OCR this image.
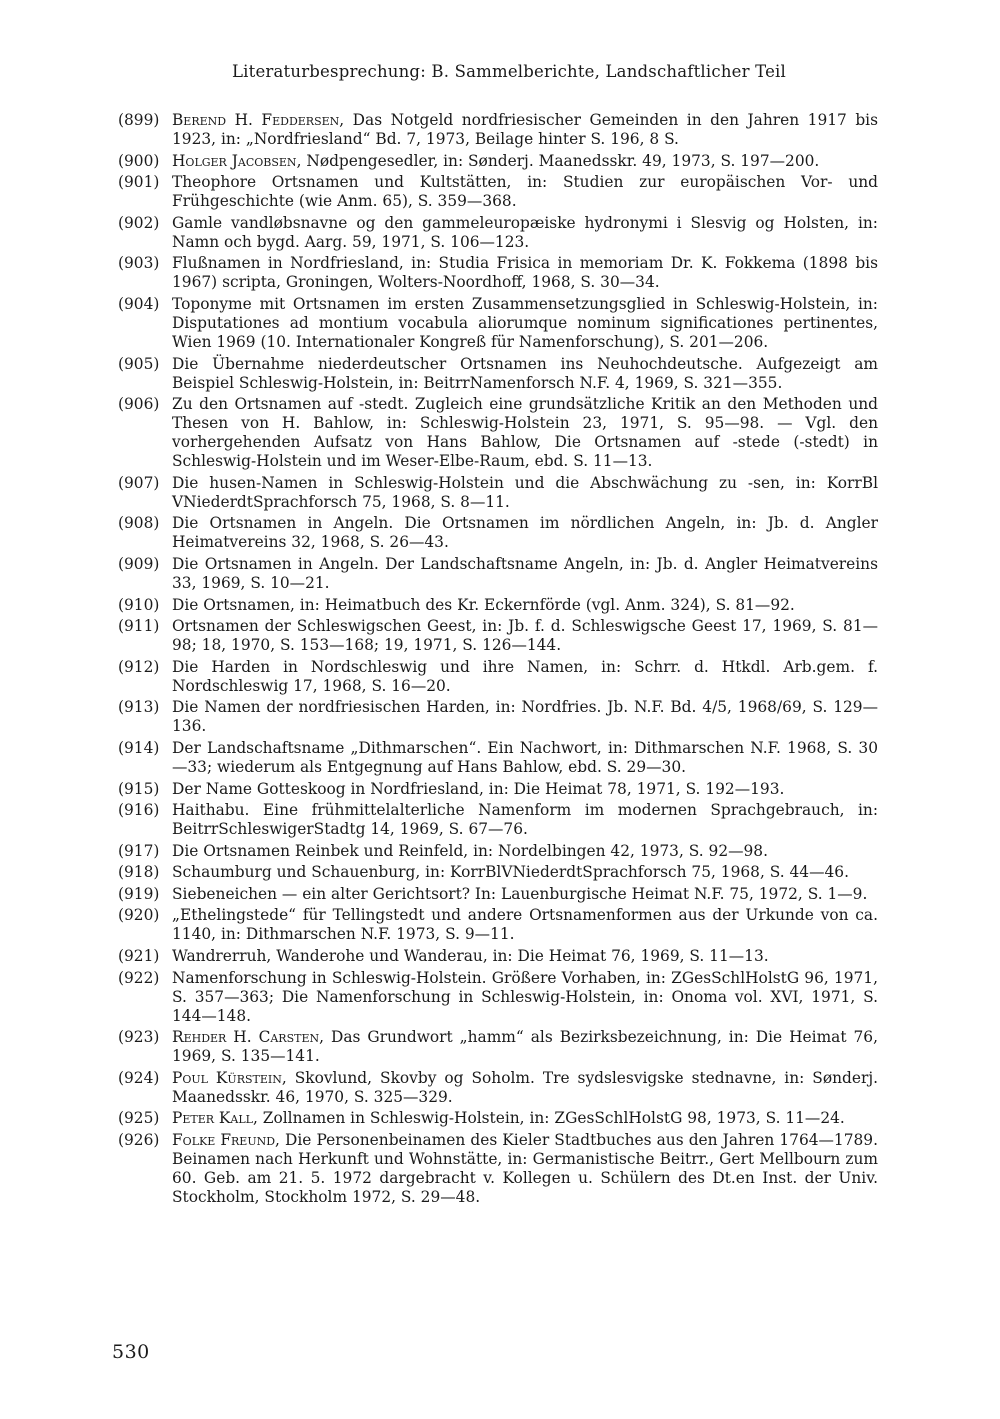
Literaturbesprechung: B. Sammelberichte, Landschaftlicher Teil
(899) Berend H. Feddersen, Das Notgeld nordfriesischer Gemeinden in den Jahren 1917 bis 1923, in: „Nordfriesland“ Bd. 7, 1973, Beilage hinter S. 196, 8 S.
(900) Holger Jacobsen, Nødpengesedler, in: Sønderj. Maanedsskr. 49, 1973, S. 197—200.
(901) Theophore Ortsnamen und Kultstätten, in: Studien zur europäischen Vor- und Frühgeschichte (wie Anm. 65), S. 359—368.
(902) Gamle vandløbsnavne og den gammeleuropæiske hydronymi i Slesvig og Holsten, in: Namn och bygd. Aarg. 59, 1971, S. 106—123.
(903) Flußnamen in Nordfriesland, in: Studia Frisica in memoriam Dr. K. Fokkema (1898 bis 1967) scripta, Groningen, Wolters-Noordhoff, 1968, S. 30—34.
(904) Toponyme mit Ortsnamen im ersten Zusammensetzungsglied in Schleswig-Holstein, in: Disputationes ad montium vocabula aliorumque nominum significationes pertinentes, Wien 1969 (10. Internationaler Kongreß für Namenforschung), S. 201—206.
(905) Die Übernahme niederdeutscher Ortsnamen ins Neuhochdeutsche. Aufgezeigt am Beispiel Schleswig-Holstein, in: BeitrrNamenforsch N.F. 4, 1969, S. 321—355.
(906) Zu den Ortsnamen auf -stedt. Zugleich eine grundsätzliche Kritik an den Methoden und Thesen von H. Bahlow, in: Schleswig-Holstein 23, 1971, S. 95—98. — Vgl. den vorhergehenden Aufsatz von Hans Bahlow, Die Ortsnamen auf -stede (-stedt) in Schleswig-Holstein und im Weser-Elbe-Raum, ebd. S. 11—13.
(907) Die husen-Namen in Schleswig-Holstein und die Abschwächung zu -sen, in: KorrBl VNiederdtSprachforsch 75, 1968, S. 8—11.
(908) Die Ortsnamen in Angeln. Die Ortsnamen im nördlichen Angeln, in: Jb. d. Angler Heimatvereins 32, 1968, S. 26—43.
(909) Die Ortsnamen in Angeln. Der Landschaftsname Angeln, in: Jb. d. Angler Heimatvereins 33, 1969, S. 10—21.
(910) Die Ortsnamen, in: Heimatbuch des Kr. Eckernförde (vgl. Anm. 324), S. 81—92.
(911) Ortsnamen der Schleswigschen Geest, in: Jb. f. d. Schleswigsche Geest 17, 1969, S. 81—98; 18, 1970, S. 153—168; 19, 1971, S. 126—144.
(912) Die Harden in Nordschleswig und ihre Namen, in: Schrr. d. Htkdl. Arb.gem. f. Nordschleswig 17, 1968, S. 16—20.
(913) Die Namen der nordfriesischen Harden, in: Nordfries. Jb. N.F. Bd. 4/5, 1968/69, S. 129—136.
(914) Der Landschaftsname „Dithmarschen“. Ein Nachwort, in: Dithmarschen N.F. 1968, S. 30—33; wiederum als Entgegnung auf Hans Bahlow, ebd. S. 29—30.
(915) Der Name Gotteskoog in Nordfriesland, in: Die Heimat 78, 1971, S. 192—193.
(916) Haithabu. Eine frühmittelalterliche Namenform im modernen Sprachgebrauch, in: BeitrrSchleswigerStadtg 14, 1969, S. 67—76.
(917) Die Ortsnamen Reinbek und Reinfeld, in: Nordelbingen 42, 1973, S. 92—98.
(918) Schaumburg und Schauenburg, in: KorrBlVNiederdtSprachforsch 75, 1968, S. 44—46.
(919) Siebeneichen — ein alter Gerichtsort? In: Lauenburgische Heimat N.F. 75, 1972, S. 1—9.
(920) „Ethelingstede“ für Tellingstedt und andere Ortsnamenformen aus der Urkunde von ca. 1140, in: Dithmarschen N.F. 1973, S. 9—11.
(921) Wandrerruh, Wanderohe und Wanderau, in: Die Heimat 76, 1969, S. 11—13.
(922) Namenforschung in Schleswig-Holstein. Größere Vorhaben, in: ZGesSchlHolstG 96, 1971, S. 357—363; Die Namenforschung in Schleswig-Holstein, in: Onoma vol. XVI, 1971, S. 144—148.
(923) Rehder H. Carsten, Das Grundwort „hamm“ als Bezirksbezeichnung, in: Die Heimat 76, 1969, S. 135—141.
(924) Poul Kürstein, Skovlund, Skovby og Soholm. Tre sydslesvigske stednavne, in: Sønderj. Maanedsskr. 46, 1970, S. 325—329.
(925) Peter Kall, Zollnamen in Schleswig-Holstein, in: ZGesSchlHolstG 98, 1973, S. 11—24.
(926) Folke Freund, Die Personenbeinamen des Kieler Stadtbuches aus den Jahren 1764—1789. Beinamen nach Herkunft und Wohnstätte, in: Germanistische Beitrr., Gert Mellbourn zum 60. Geb. am 21. 5. 1972 dargebracht v. Kollegen u. Schülern des Dt.en Inst. der Univ. Stockholm, Stockholm 1972, S. 29—48.
530
